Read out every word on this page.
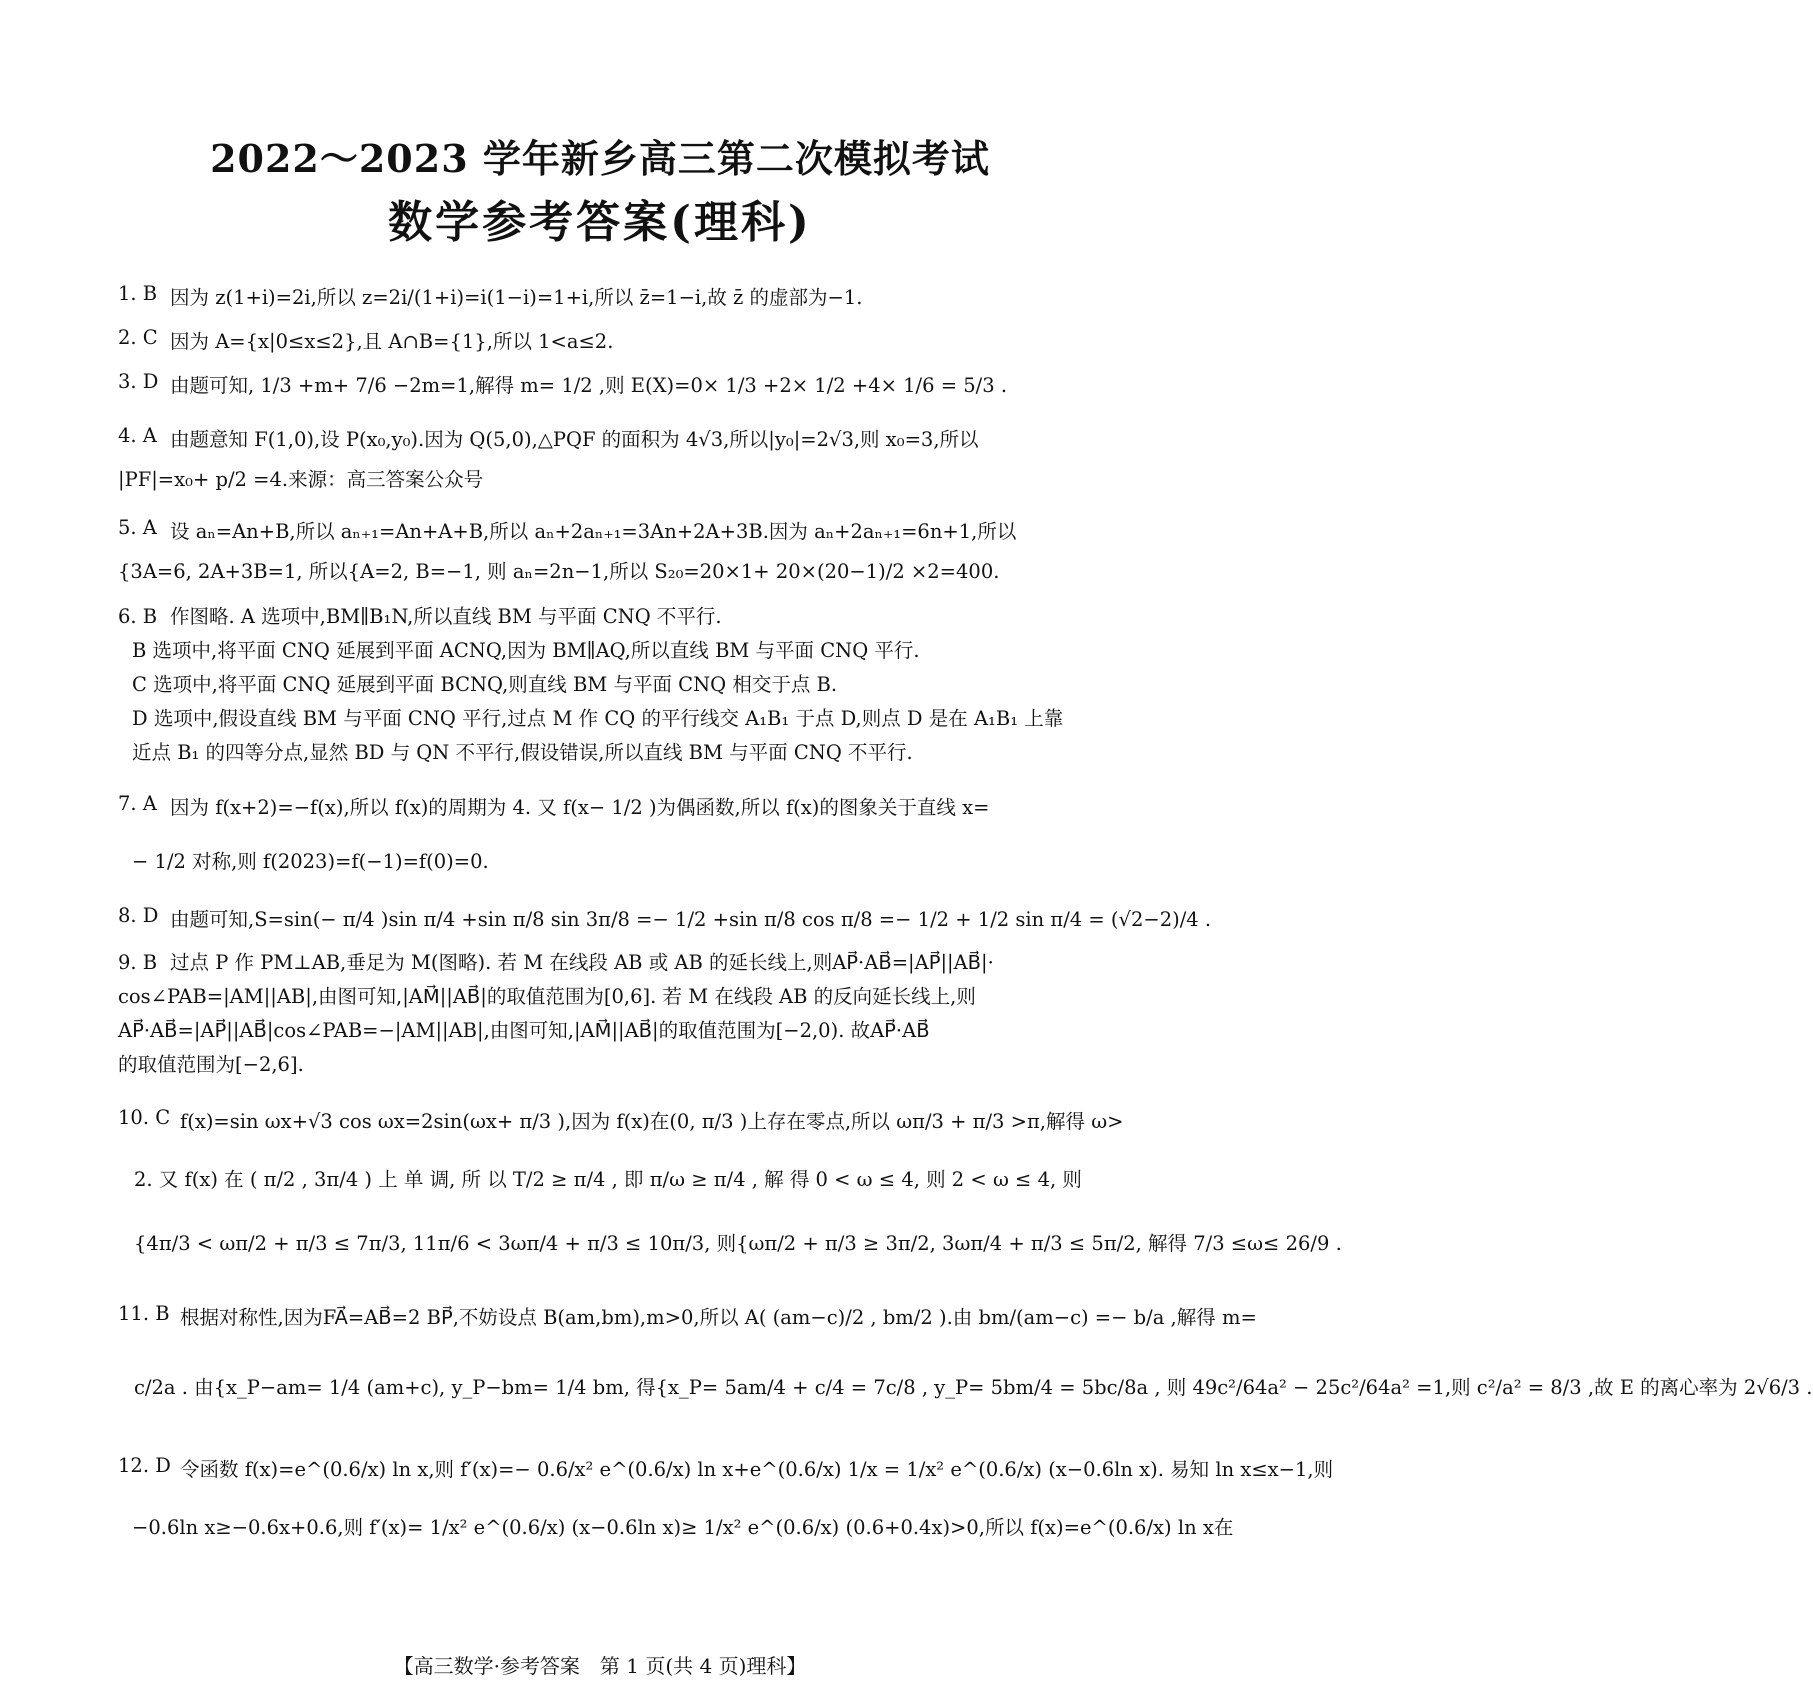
2022～2023 学年新乡高三第二次模拟考试
数学参考答案(理科)
1. B 因为 z(1+i)=2i,所以 z=2i/(1+i)=i(1−i)=1+i,所以 z̄=1−i,故 z̄ 的虚部为−1.
2. C 因为 A={x|0≤x≤2},且 A∩B={1},所以 1<a≤2.
3. D 由题可知, 1/3 +m+ 7/6 −2m=1,解得 m= 1/2 ,则 E(X)=0× 1/3 +2× 1/2 +4× 1/6 = 5/3 .
4. A 由题意知 F(1,0),设 P(x₀,y₀).因为 Q(5,0),△PQF 的面积为 4√3,所以|y₀|=2√3,则 x₀=3,所以
|PF|=x₀+ p/2 =4.来源：高三答案公众号
5. A 设 aₙ=An+B,所以 aₙ₊₁=An+A+B,所以 aₙ+2aₙ₊₁=3An+2A+3B.因为 aₙ+2aₙ₊₁=6n+1,所以
{3A=6, 2A+3B=1, 所以{A=2, B=−1, 则 aₙ=2n−1,所以 S₂₀=20×1+ 20×(20−1)/2 ×2=400.
6. B 作图略. A 选项中,BM∥B₁N,所以直线 BM 与平面 CNQ 不平行.
B 选项中,将平面 CNQ 延展到平面 ACNQ,因为 BM∥AQ,所以直线 BM 与平面 CNQ 平行.
C 选项中,将平面 CNQ 延展到平面 BCNQ,则直线 BM 与平面 CNQ 相交于点 B.
D 选项中,假设直线 BM 与平面 CNQ 平行,过点 M 作 CQ 的平行线交 A₁B₁ 于点 D,则点 D 是在 A₁B₁ 上靠
近点 B₁ 的四等分点,显然 BD 与 QN 不平行,假设错误,所以直线 BM 与平面 CNQ 不平行.
7. A 因为 f(x+2)=−f(x),所以 f(x)的周期为 4. 又 f(x− 1/2 )为偶函数,所以 f(x)的图象关于直线 x=
− 1/2 对称,则 f(2023)=f(−1)=f(0)=0.
8. D 由题可知,S=sin(− π/4 )sin π/4 +sin π/8 sin 3π/8 =− 1/2 +sin π/8 cos π/8 =− 1/2 + 1/2 sin π/4 = (√2−2)/4 .
9. B 过点 P 作 PM⊥AB,垂足为 M(图略). 若 M 在线段 AB 或 AB 的延长线上,则AP⃗·AB⃗=|AP⃗||AB⃗|·
cos∠PAB=|AM||AB|,由图可知,|AM⃗||AB⃗|的取值范围为[0,6]. 若 M 在线段 AB 的反向延长线上,则
AP⃗·AB⃗=|AP⃗||AB⃗|cos∠PAB=−|AM||AB|,由图可知,|AM⃗||AB⃗|的取值范围为[−2,0). 故AP⃗·AB⃗
的取值范围为[−2,6].
10. C f(x)=sin ωx+√3 cos ωx=2sin(ωx+ π/3 ),因为 f(x)在(0, π/3 )上存在零点,所以 ωπ/3 + π/3 >π,解得 ω>
2. 又 f(x) 在 ( π/2 , 3π/4 ) 上 单 调, 所 以 T/2 ≥ π/4 , 即 π/ω ≥ π/4 , 解 得 0 < ω ≤ 4, 则 2 < ω ≤ 4, 则
{4π/3 < ωπ/2 + π/3 ≤ 7π/3, 11π/6 < 3ωπ/4 + π/3 ≤ 10π/3, 则{ωπ/2 + π/3 ≥ 3π/2, 3ωπ/4 + π/3 ≤ 5π/2, 解得 7/3 ≤ω≤ 26/9 .
11. B 根据对称性,因为FA⃗=AB⃗=2 BP⃗,不妨设点 B(am,bm),m>0,所以 A( (am−c)/2 , bm/2 ).由 bm/(am−c) =− b/a ,解得 m=
c/2a . 由{x_P−am= 1/4 (am+c), y_P−bm= 1/4 bm, 得{x_P= 5am/4 + c/4 = 7c/8 , y_P= 5bm/4 = 5bc/8a , 则 49c²/64a² − 25c²/64a² =1,则 c²/a² = 8/3 ,故 E 的离心率为 2√6/3 .
12. D 令函数 f(x)=e^(0.6/x) ln x,则 f′(x)=− 0.6/x² e^(0.6/x) ln x+e^(0.6/x) 1/x = 1/x² e^(0.6/x) (x−0.6ln x). 易知 ln x≤x−1,则
−0.6ln x≥−0.6x+0.6,则 f′(x)= 1/x² e^(0.6/x) (x−0.6ln x)≥ 1/x² e^(0.6/x) (0.6+0.4x)>0,所以 f(x)=e^(0.6/x) ln x在
【高三数学·参考答案　第 1 页(共 4 页)理科】
